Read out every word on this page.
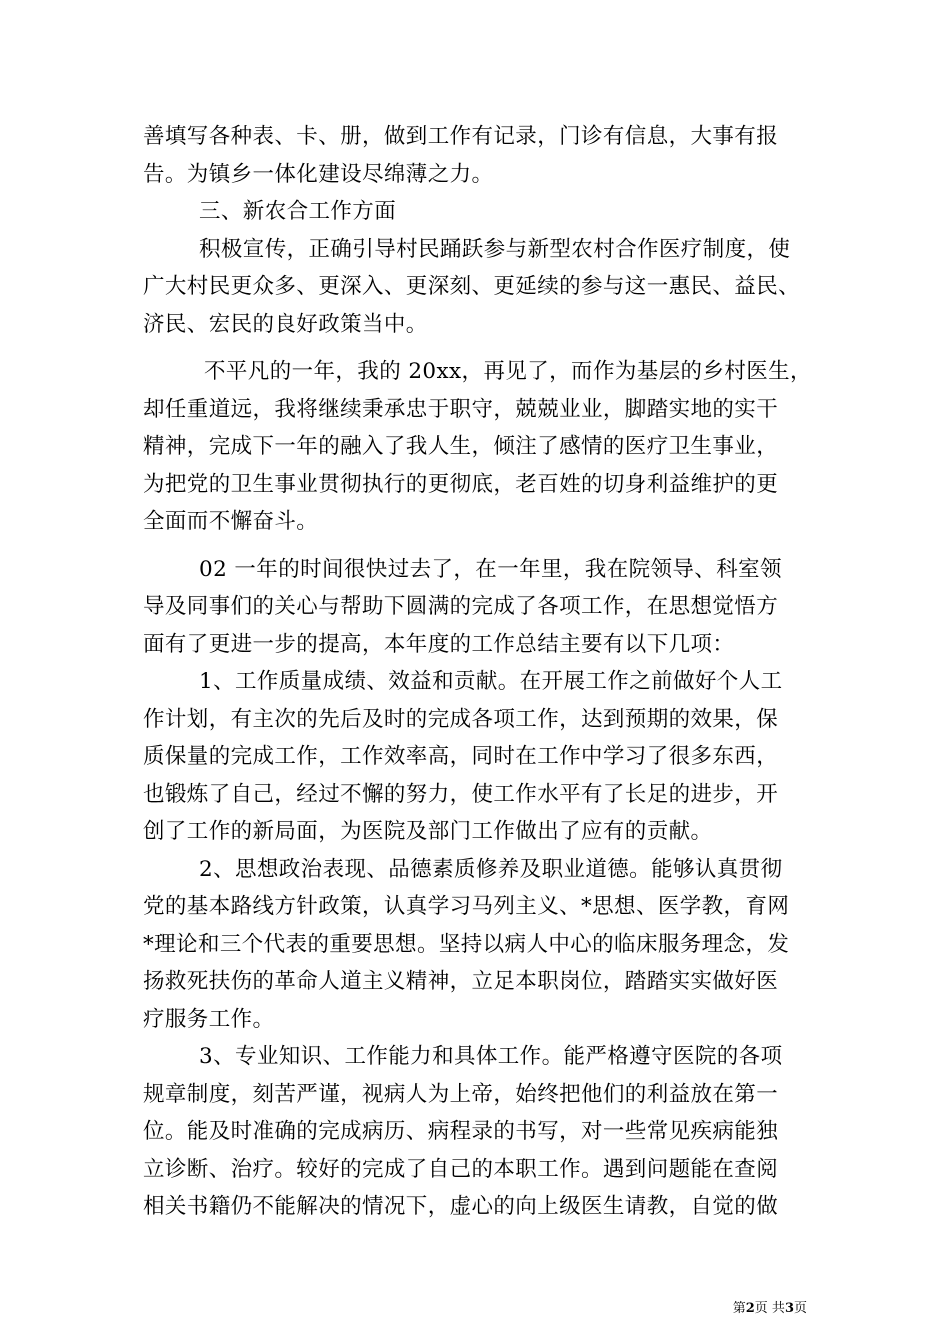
善填写各种表、卡、册，做到工作有记录，门诊有信息，大事有报
告。为镇乡一体化建设尽绵薄之力。
三、新农合工作方面
积极宣传，正确引导村民踊跃参与新型农村合作医疗制度，使
广大村民更众多、更深入、更深刻、更延续的参与这一惠民、益民、
济民、宏民的良好政策当中。
不平凡的一年，我的 20xx，再见了，而作为基层的乡村医生，
却任重道远，我将继续秉承忠于职守，兢兢业业，脚踏实地的实干
精神，完成下一年的融入了我人生，倾注了感情的医疗卫生事业，
为把党的卫生事业贯彻执行的更彻底，老百姓的切身利益维护的更
全面而不懈奋斗。
02 一年的时间很快过去了，在一年里，我在院领导、科室领
导及同事们的关心与帮助下圆满的完成了各项工作，在思想觉悟方
面有了更进一步的提高，本年度的工作总结主要有以下几项：
1、工作质量成绩、效益和贡献。在开展工作之前做好个人工
作计划，有主次的先后及时的完成各项工作，达到预期的效果，保
质保量的完成工作，工作效率高，同时在工作中学习了很多东西，
也锻炼了自己，经过不懈的努力，使工作水平有了长足的进步，开
创了工作的新局面，为医院及部门工作做出了应有的贡献。
2、思想政治表现、品德素质修养及职业道德。能够认真贯彻
党的基本路线方针政策，认真学习马列主义、*思想、医学教，育网
*理论和三个代表的重要思想。坚持以病人中心的临床服务理念，发
扬救死扶伤的革命人道主义精神，立足本职岗位，踏踏实实做好医
疗服务工作。
3、专业知识、工作能力和具体工作。能严格遵守医院的各项
规章制度，刻苦严谨，视病人为上帝，始终把他们的利益放在第一
位。能及时准确的完成病历、病程录的书写，对一些常见疾病能独
立诊断、治疗。较好的完成了自己的本职工作。遇到问题能在查阅
相关书籍仍不能解决的情况下，虚心的向上级医生请教，自觉的做
第2页 共3页
